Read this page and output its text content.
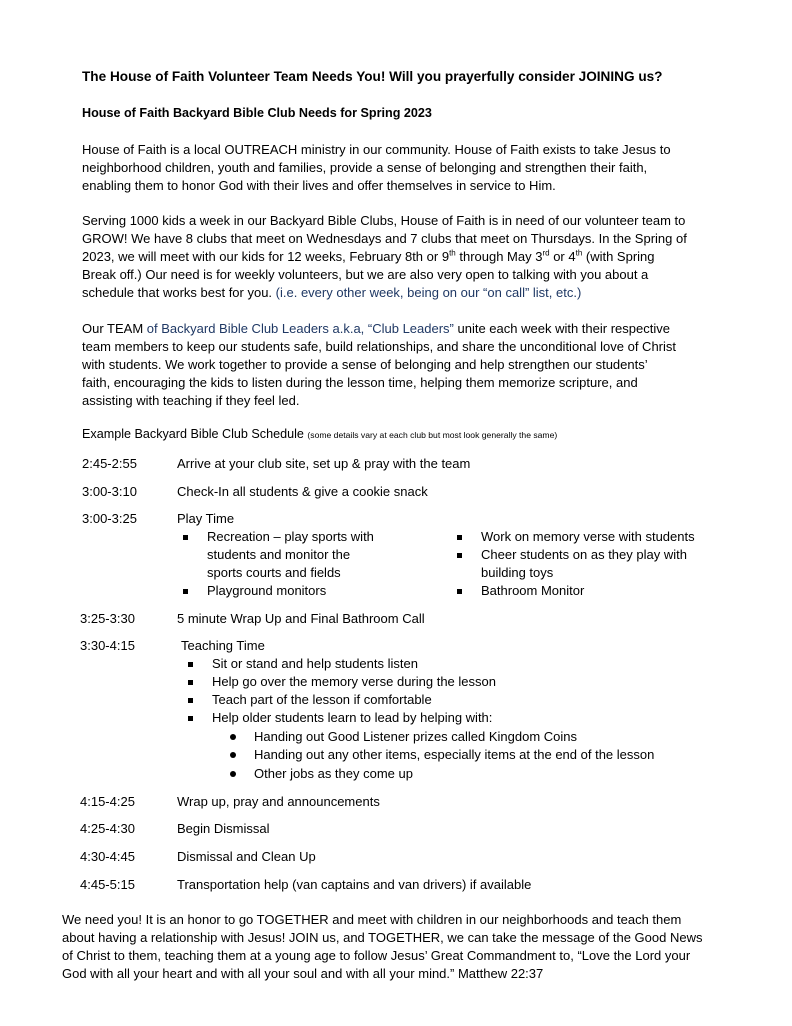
The House of Faith Volunteer Team Needs You! Will you prayerfully consider JOINING us?
House of Faith Backyard Bible Club Needs for Spring 2023

House of Faith is a local OUTREACH ministry in our community. House of Faith exists to take Jesus to

neighborhood children, youth and families, provide a sense of belonging and strengthen their faith,

enabling them to honor God with their lives and offer themselves in service to Him.

Serving 1000 kids a week in our Backyard Bible Clubs, House of Faith is in need of our volunteer team to

GROW! We have 8 clubs that meet on Wednesdays and 7 clubs that meet on Thursdays. In the Spring of

2023, we will meet with our kids for 12 weeks, February 8th or 9th through May 3rd or 4th (with Spring

Break off.) Our need is for weekly volunteers, but we are also very open to talking with you about a

schedule that works best for you. (i.e. every other week, being on our “on call” list, etc.)

Our TEAM of Backyard Bible Club Leaders a.k.a, “Club Leaders” unite each week with their respective

team members to keep our students safe, build relationships, and share the unconditional love of Christ

with students. We work together to provide a sense of belonging and help strengthen our students’

faith, encouraging the kids to listen during the lesson time, helping them memorize scripture, and

assisting with teaching if they feel led.

Example Backyard Bible Club Schedule (some details vary at each club but most look generally the same)
2:45-2:55	Arrive at your club site, set up & pray with the team
3:00-3:10	Check-In all students & give a cookie snack
3:00-3:25	Play Time
Recreation – play sports with
students and monitor the
sports courts and fields
Playground monitors
Work on memory verse with students
Cheer students on as they play with
building toys
Bathroom Monitor
3:25-3:30	5 minute Wrap Up and Final Bathroom Call
3:30-4:15	Teaching Time
Sit or stand and help students listen
Help go over the memory verse during the lesson
Teach part of the lesson if comfortable
Help older students learn to lead by helping with:
Handing out Good Listener prizes called Kingdom Coins
Handing out any other items, especially items at the end of the lesson
Other jobs as they come up
4:15-4:25	Wrap up, pray and announcements
4:25-4:30	Begin Dismissal
4:30-4:45	Dismissal and Clean Up
4:45-5:15	Transportation help (van captains and van drivers) if available

We need you! It is an honor to go TOGETHER and meet with children in our neighborhoods and teach them

about having a relationship with Jesus! JOIN us, and TOGETHER, we can take the message of the Good News

of Christ to them, teaching them at a young age to follow Jesus’ Great Commandment to, “Love the Lord your

God with all your heart and with all your soul and with all your mind.” Matthew 22:37
